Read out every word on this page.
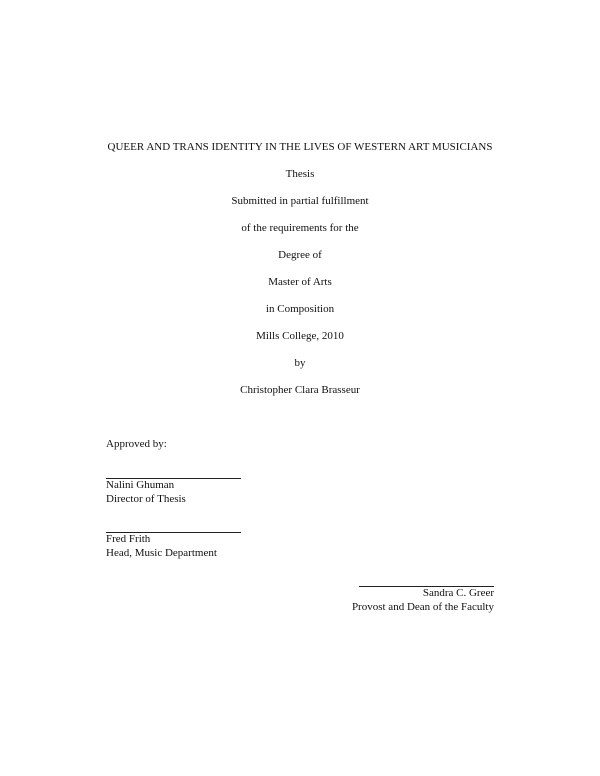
QUEER AND TRANS IDENTITY IN THE LIVES OF WESTERN ART MUSICIANS
Thesis
Submitted in partial fulfillment
of the requirements for the
Degree of
Master of Arts
in Composition
Mills College, 2010
by
Christopher Clara Brasseur
Approved by:
Nalini Ghuman
Director of Thesis
Fred Frith
Head, Music Department
Sandra C. Greer
Provost and Dean of the Faculty
